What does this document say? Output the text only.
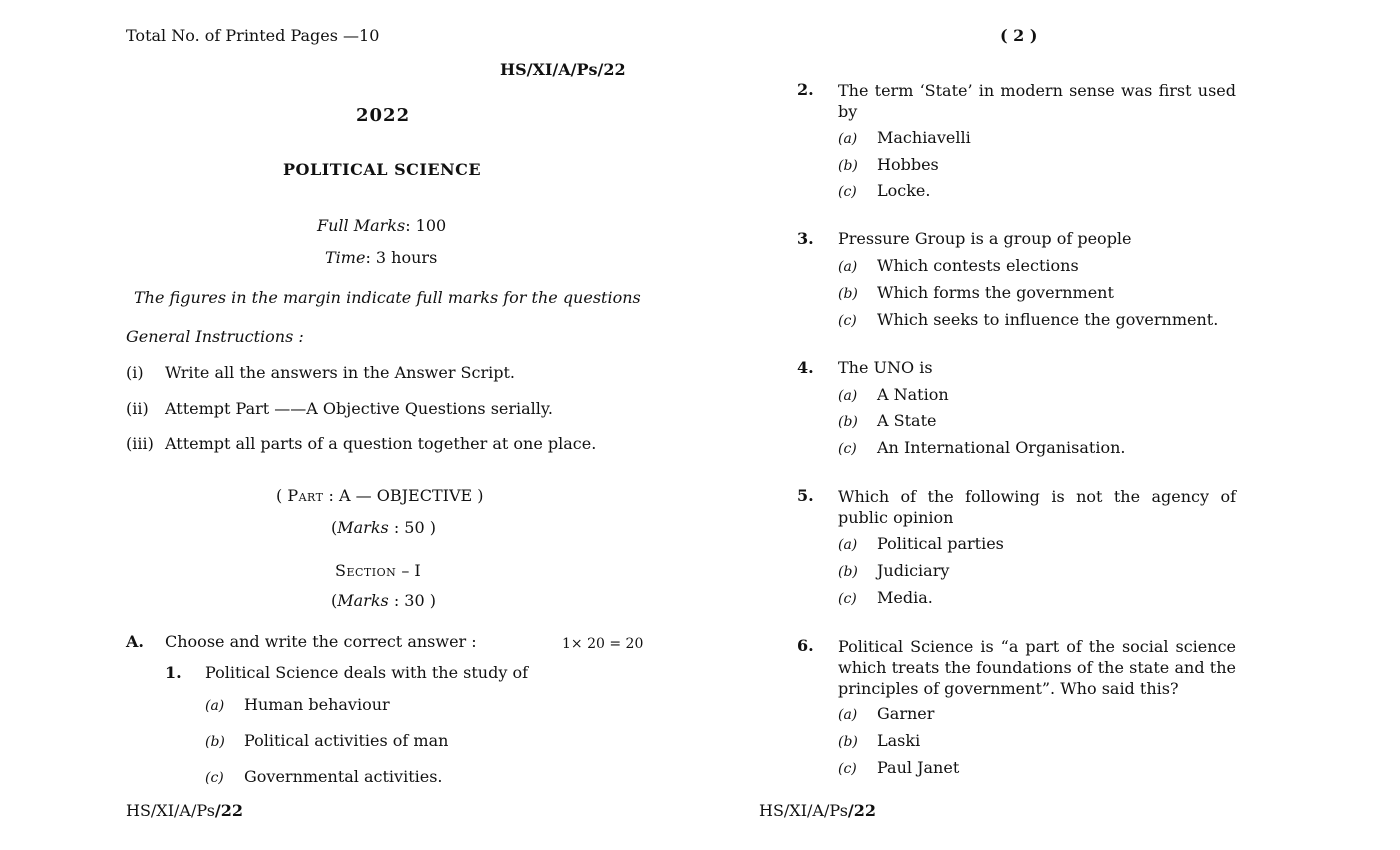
Total No. of Printed Pages —10
HS/XI/A/Ps/22
2022
POLITICAL SCIENCE
Full Marks: 100
Time: 3 hours
The figures in the margin indicate full marks for the questions
General Instructions :
(i) Write all the answers in the Answer Script.
(ii) Attempt Part ——A Objective Questions serially.
(iii) Attempt all parts of a question together at one place.
( Part : A — OBJECTIVE )
(Marks : 50 )
Section – I
(Marks : 30 )
A. Choose and write the correct answer :	1× 20 = 20
1. Political Science deals with the study of
(a) Human behaviour
(b) Political activities of man
(c) Governmental activities.
HS/XI/A/Ps/22
( 2 )
2. The term ‘State’ in modern sense was first used by
(a) Machiavelli
(b) Hobbes
(c) Locke.
3. Pressure Group is a group of people
(a) Which contests elections
(b) Which forms the government
(c) Which seeks to influence the government.
4. The UNO is
(a) A Nation
(b) A State
(c) An International Organisation.
5. Which of the following is not the agency of public opinion
(a) Political parties
(b) Judiciary
(c) Media.
6. Political Science is “a part of the social science which treats the foundations of the state and the principles of government”. Who said this?
(a) Garner
(b) Laski
(c) Paul Janet
HS/XI/A/Ps/22
